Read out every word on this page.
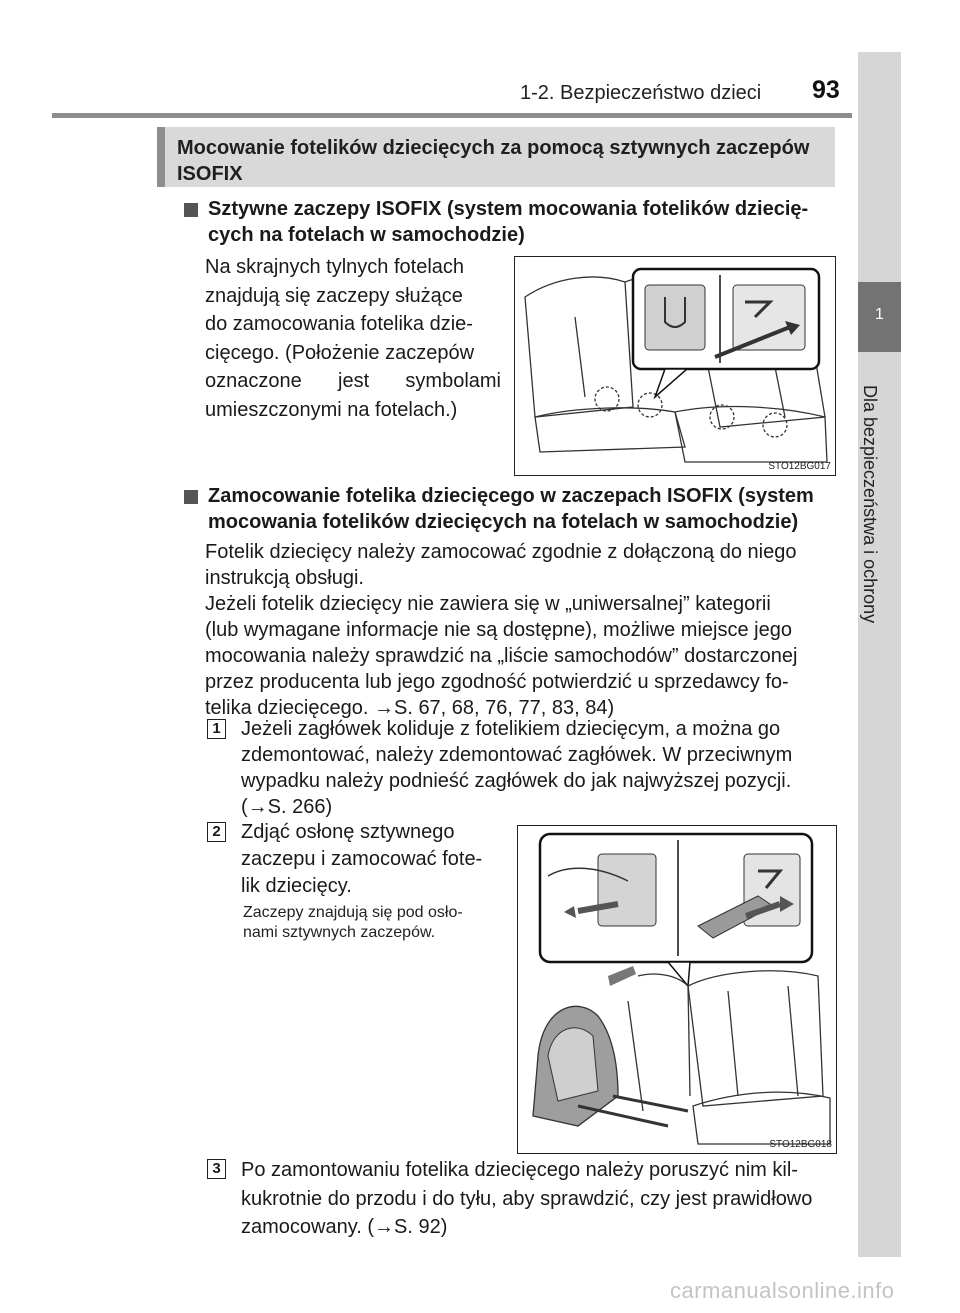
1-2. Bezpieczeństwo dzieci 93
1
Dla bezpieczeństwa i ochrony
Mocowanie fotelików dziecięcych za pomocą sztywnych zaczepów
ISOFIX
Sztywne zaczepy ISOFIX (system mocowania fotelików dziecię-
cych na fotelach w samochodzie)
Na skrajnych tylnych fotelach
znajdują się zaczepy służące
do zamocowania fotelika dzie-
cięcego. (Położenie zaczepów
oznaczone jest symbolami
umieszczonymi na fotelach.)
STO12BG017
Zamocowanie fotelika dziecięcego w zaczepach ISOFIX (system
mocowania fotelików dziecięcych na fotelach w samochodzie)
Fotelik dziecięcy należy zamocować zgodnie z dołączoną do niego
instrukcją obsługi.
Jeżeli fotelik dziecięcy nie zawiera się w „uniwersalnej” kategorii
(lub wymagane informacje nie są dostępne), możliwe miejsce jego
mocowania należy sprawdzić na „liście samochodów” dostarczonej
przez producenta lub jego zgodność potwierdzić u sprzedawcy fo-
telika dziecięcego. →S. 67, 68, 76, 77, 83, 84)
1 Jeżeli zagłówek koliduje z fotelikiem dziecięcym, a można go
zdemontować, należy zdemontować zagłówek. W przeciwnym
wypadku należy podnieść zagłówek do jak najwyższej pozycji.
(→S. 266)
2 Zdjąć osłonę sztywnego
zaczepu i zamocować fote-
lik dziecięcy.
Zaczepy znajdują się pod osło-
nami sztywnych zaczepów.
STO12BG018
3 Po zamontowaniu fotelika dziecięcego należy poruszyć nim kil-
kukrotnie do przodu i do tyłu, aby sprawdzić, czy jest prawidłowo
zamocowany. (→S. 92)
carmanualsonline.info
